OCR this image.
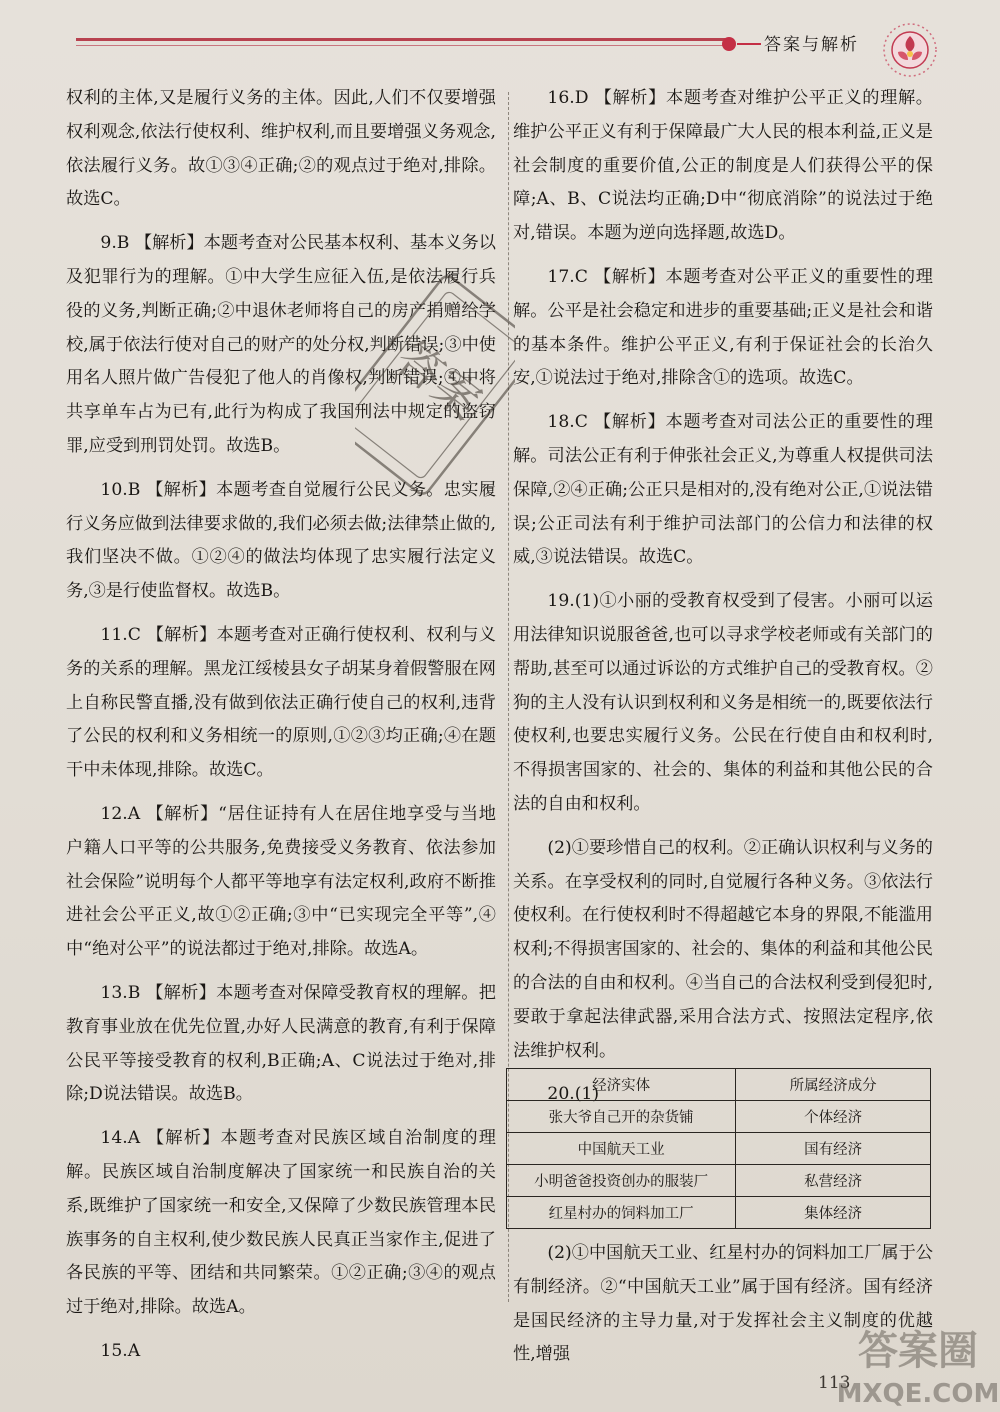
答案与解析

权利的主体,又是履行义务的主体。因此,人们不仅要增强权利观念,依法行使权利、维护权利,而且要增强义务观念,依法履行义务。故①③④正确;②的观点过于绝对,排除。故选C。

9.B 【解析】本题考查对公民基本权利、基本义务以及犯罪行为的理解。①中大学生应征入伍,是依法履行兵役的义务,判断正确;②中退休老师将自己的房产捐赠给学校,属于依法行使对自己的财产的处分权,判断错误;③中使用名人照片做广告侵犯了他人的肖像权,判断错误;④中将共享单车占为已有,此行为构成了我国刑法中规定的盗窃罪,应受到刑罚处罚。故选B。

10.B 【解析】本题考查自觉履行公民义务。忠实履行义务应做到法律要求做的,我们必须去做;法律禁止做的,我们坚决不做。①②④的做法均体现了忠实履行法定义务,③是行使监督权。故选B。

11.C 【解析】本题考查对正确行使权利、权利与义务的关系的理解。黑龙江绥棱县女子胡某身着假警服在网上自称民警直播,没有做到依法正确行使自己的权利,违背了公民的权利和义务相统一的原则,①②③均正确;④在题干中未体现,排除。故选C。

12.A 【解析】“居住证持有人在居住地享受与当地户籍人口平等的公共服务,免费接受义务教育、依法参加社会保险”说明每个人都平等地享有法定权利,政府不断推进社会公平正义,故①②正确;③中“已实现完全平等”,④中“绝对公平”的说法都过于绝对,排除。故选A。

13.B 【解析】本题考查对保障受教育权的理解。把教育事业放在优先位置,办好人民满意的教育,有利于保障公民平等接受教育的权利,B正确;A、C说法过于绝对,排除;D说法错误。故选B。

14.A 【解析】本题考查对民族区域自治制度的理解。民族区域自治制度解决了国家统一和民族自治的关系,既维护了国家统一和安全,又保障了少数民族管理本民族事务的自主权利,使少数民族人民真正当家作主,促进了各民族的平等、团结和共同繁荣。①②正确;③④的观点过于绝对,排除。故选A。

15.A

16.D 【解析】本题考查对维护公平正义的理解。维护公平正义有利于保障最广大人民的根本利益,正义是社会制度的重要价值,公正的制度是人们获得公平的保障;A、B、C说法均正确;D中“彻底消除”的说法过于绝对,错误。本题为逆向选择题,故选D。

17.C 【解析】本题考查对公平正义的重要性的理解。公平是社会稳定和进步的重要基础;正义是社会和谐的基本条件。维护公平正义,有利于保证社会的长治久安,①说法过于绝对,排除含①的选项。故选C。

18.C 【解析】本题考查对司法公正的重要性的理解。司法公正有利于伸张社会正义,为尊重人权提供司法保障,②④正确;公正只是相对的,没有绝对公正,①说法错误;公正司法有利于维护司法部门的公信力和法律的权威,③说法错误。故选C。

19.(1)①小丽的受教育权受到了侵害。小丽可以运用法律知识说服爸爸,也可以寻求学校老师或有关部门的帮助,甚至可以通过诉讼的方式维护自己的受教育权。②狗的主人没有认识到权利和义务是相统一的,既要依法行使权利,也要忠实履行义务。公民在行使自由和权利时,不得损害国家的、社会的、集体的利益和其他公民的合法的自由和权利。

(2)①要珍惜自己的权利。②正确认识权利与义务的关系。在享受权利的同时,自觉履行各种义务。③依法行使权利。在行使权利时不得超越它本身的界限,不能滥用权利;不得损害国家的、社会的、集体的利益和其他公民的合法的自由和权利。④当自己的合法权利受到侵犯时,要敢于拿起法律武器,采用合法方式、按照法定程序,依法维护权利。

20.(1)

经济实体	所属经济成分
张大爷自己开的杂货铺	个体经济
中国航天工业	国有经济
小明爸爸投资创办的服装厂	私营经济
红星村办的饲料加工厂	集体经济

(2)①中国航天工业、红星村办的饲料加工厂属于公有制经济。②“中国航天工业”属于国有经济。国有经济是国民经济的主导力量,对于发挥社会主义制度的优越性,增强

答案
113
答案圈
MXQE.COM
